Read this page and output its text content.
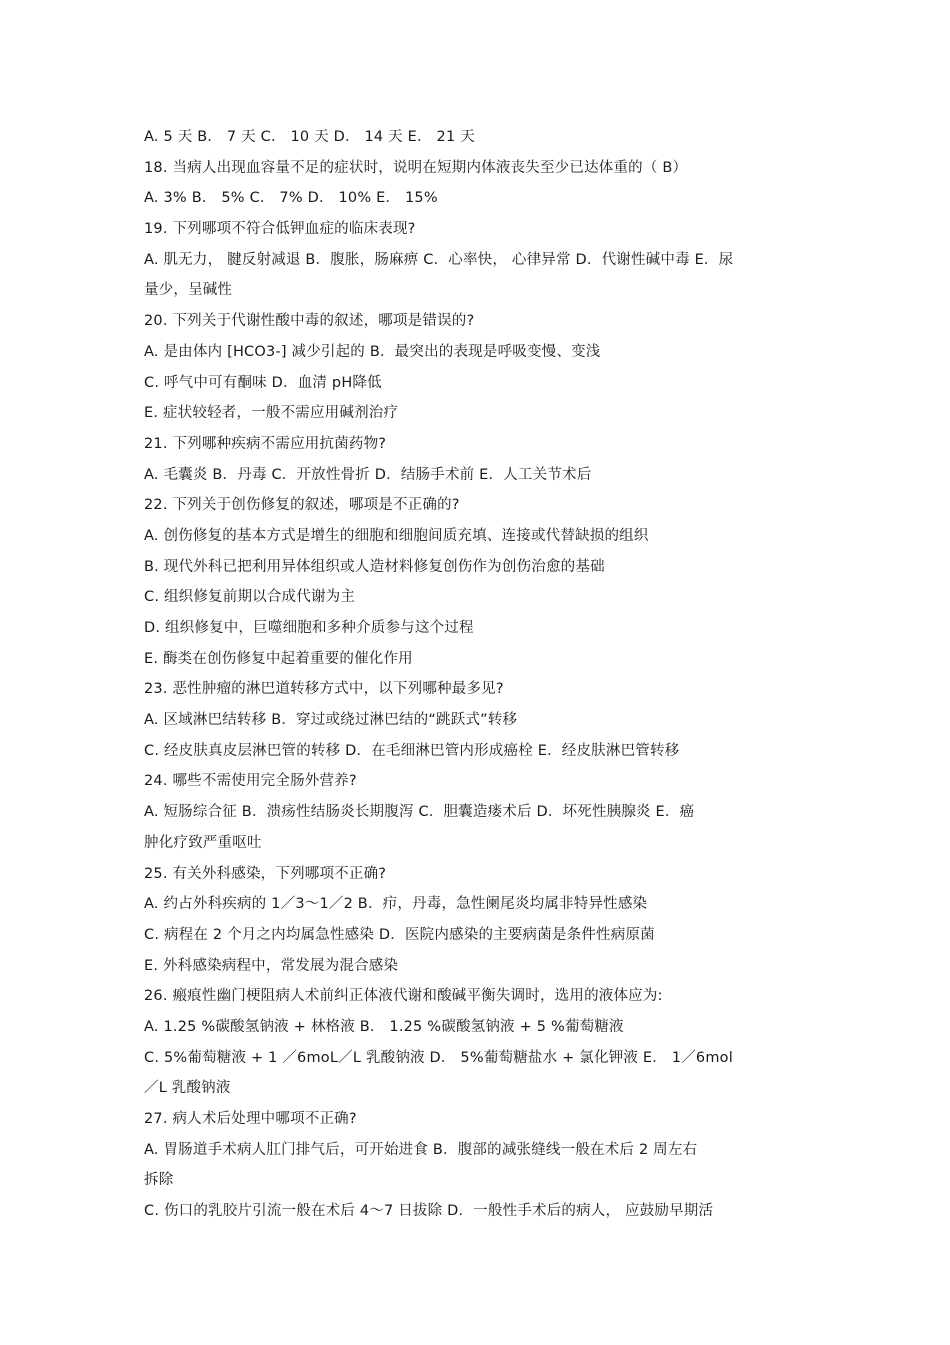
A. 5 天 B． 7 天 C． 10 天 D． 14 天 E． 21 天
18. 当病人出现血容量不足的症状时，说明在短期内体液丧失至少已达体重的（ B）
A. 3% B． 5% C． 7% D． 10% E． 15%
19. 下列哪项不符合低钾血症的临床表现?
A. 肌无力， 腱反射减退 B．腹胀，肠麻痹 C．心率快， 心律异常 D．代谢性碱中毒 E．尿
量少，呈碱性
20. 下列关于代谢性酸中毒的叙述，哪项是错误的?
A. 是由体内 [HCO3-] 减少引起的 B．最突出的表现是呼吸变慢、变浅
C. 呼气中可有酮味 D．血清 pH降低
E. 症状较轻者，一般不需应用碱剂治疗
21. 下列哪种疾病不需应用抗菌药物?
A. 毛囊炎 B．丹毒 C．开放性骨折 D．结肠手术前 E．人工关节术后
22. 下列关于创伤修复的叙述，哪项是不正确的?
A. 创伤修复的基本方式是增生的细胞和细胞间质充填、连接或代替缺损的组织
B. 现代外科已把利用异体组织或人造材料修复创伤作为创伤治愈的基础
C. 组织修复前期以合成代谢为主
D. 组织修复中，巨噬细胞和多种介质参与这个过程
E. 酶类在创伤修复中起着重要的催化作用
23. 恶性肿瘤的淋巴道转移方式中，以下列哪种最多见?
A. 区域淋巴结转移 B．穿过或绕过淋巴结的“跳跃式”转移
C. 经皮肤真皮层淋巴管的转移 D．在毛细淋巴管内形成癌栓 E．经皮肤淋巴管转移
24. 哪些不需使用完全肠外营养?
A. 短肠综合征 B．溃疡性结肠炎长期腹泻 C．胆囊造瘘术后 D．坏死性胰腺炎 E．癌
肿化疗致严重呕吐
25. 有关外科感染，下列哪项不正确?
A. 约占外科疾病的 1／3～1／2 B．疖，丹毒，急性阑尾炎均属非特异性感染
C. 病程在 2 个月之内均属急性感染 D．医院内感染的主要病菌是条件性病原菌
E. 外科感染病程中，常发展为混合感染
26. 瘢痕性幽门梗阻病人术前纠正体液代谢和酸碱平衡失调时，选用的液体应为:
A. 1.25 %碳酸氢钠液 + 林格液 B． 1.25 %碳酸氢钠液 + 5 %葡萄糖液
C. 5%葡萄糖液 + 1 ／6moL／L 乳酸钠液 D． 5%葡萄糖盐水 + 氯化钾液 E． 1／6mol
／L 乳酸钠液
27. 病人术后处理中哪项不正确?
A. 胃肠道手术病人肛门排气后，可开始进食 B．腹部的减张缝线一般在术后 2 周左右
拆除
C. 伤口的乳胶片引流一般在术后 4～7 日拔除 D．一般性手术后的病人， 应鼓励早期活
